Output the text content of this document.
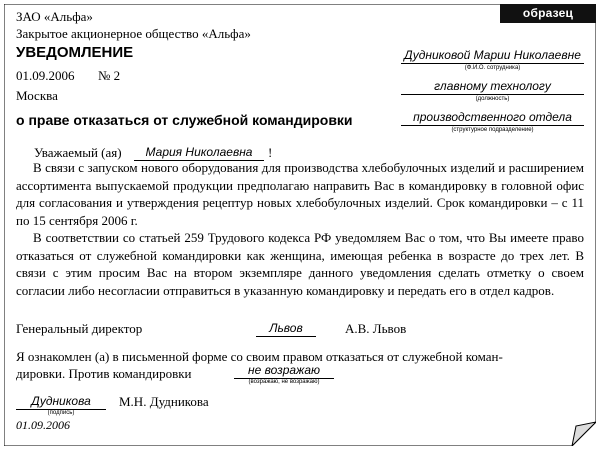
образец
ЗАО «Альфа»
Закрытое акционерное общество «Альфа»
УВЕДОМЛЕНИЕ
01.09.2006 № 2
Москва
о праве отказаться от служебной командировки
Дудниковой Марии Николаевне
(Ф.И.О. сотрудника)
главному технологу
(должность)
производственного отдела
(структурное подразделение)
Уважаемый (ая)	Мария Николаевна	!
В связи с запуском нового оборудования для производства хлебобулочных изделий и расширением ассортимента выпускаемой продукции предполагаю направить Вас в командировку в головной офис для согласования и утверждения рецептур новых хлебобулочных изделий. Срок командировки – с 11 по 15 сентября 2006 г.
В соответствии со статьей 259 Трудового кодекса РФ уведомляем Вас о том, что Вы имеете право отказаться от служебной командировки как женщина, имеющая ребенка в возрасте до трех лет. В связи с этим просим Вас на втором экземпляре данного уведомления сделать отметку о своем согласии либо несогласии отправиться в указанную командировку и передать его в отдел кадров.
Генеральный директор	Львов	А.В. Львов
Я ознакомлен (а) в письменной форме со своим правом отказаться от служебной коман-
дировки. Против командировки	не возражаю
(возражаю, не возражаю)
Дудникова
(подпись)
М.Н. Дудникова
01.09.2006
